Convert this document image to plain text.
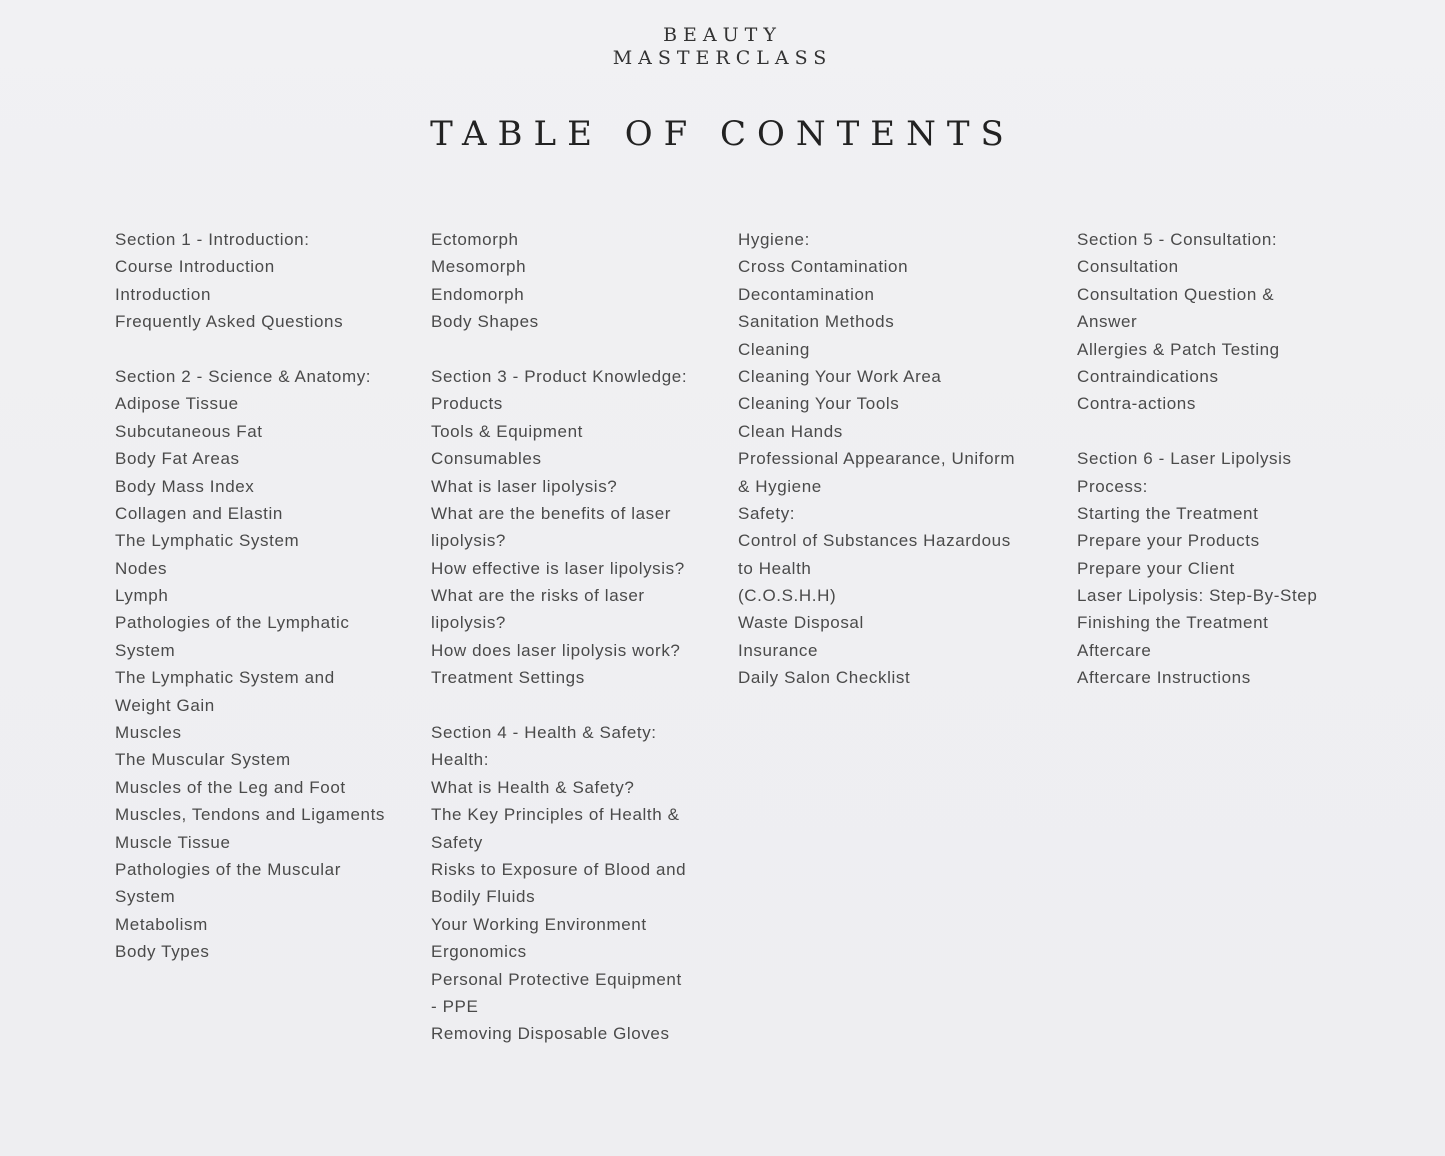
BEAUTY
MASTERCLASS
TABLE OF CONTENTS
Section 1 - Introduction:
Course Introduction
Introduction
Frequently Asked Questions
Section 2 - Science & Anatomy:
Adipose Tissue
Subcutaneous Fat
Body Fat Areas
Body Mass Index
Collagen and Elastin
The Lymphatic System
Nodes
Lymph
Pathologies of the Lymphatic
System
The Lymphatic System and
Weight Gain
Muscles
The Muscular System
Muscles of the Leg and Foot
Muscles, Tendons and Ligaments
Muscle Tissue
Pathologies of the Muscular
System
Metabolism
Body Types
Ectomorph
Mesomorph
Endomorph
Body Shapes
Section 3 - Product Knowledge:
Products
Tools & Equipment
Consumables
What is laser lipolysis?
What are the benefits of laser
lipolysis?
How effective is laser lipolysis?
What are the risks of laser
lipolysis?
How does laser lipolysis work?
Treatment Settings
Section 4 - Health & Safety:
Health:
What is Health & Safety?
The Key Principles of Health &
Safety
Risks to Exposure of Blood and
Bodily Fluids
Your Working Environment
Ergonomics
Personal Protective Equipment
- PPE
Removing Disposable Gloves
Hygiene:
Cross Contamination
Decontamination
Sanitation Methods
Cleaning
Cleaning Your Work Area
Cleaning Your Tools
Clean Hands
Professional Appearance, Uniform
& Hygiene
Safety:
Control of Substances Hazardous
to Health
(C.O.S.H.H)
Waste Disposal
Insurance
Daily Salon Checklist
Section 5 - Consultation:
Consultation
Consultation Question &
Answer
Allergies & Patch Testing
Contraindications
Contra-actions
Section 6 - Laser Lipolysis
Process:
Starting the Treatment
Prepare your Products
Prepare your Client
Laser Lipolysis: Step-By-Step
Finishing the Treatment
Aftercare
Aftercare Instructions
